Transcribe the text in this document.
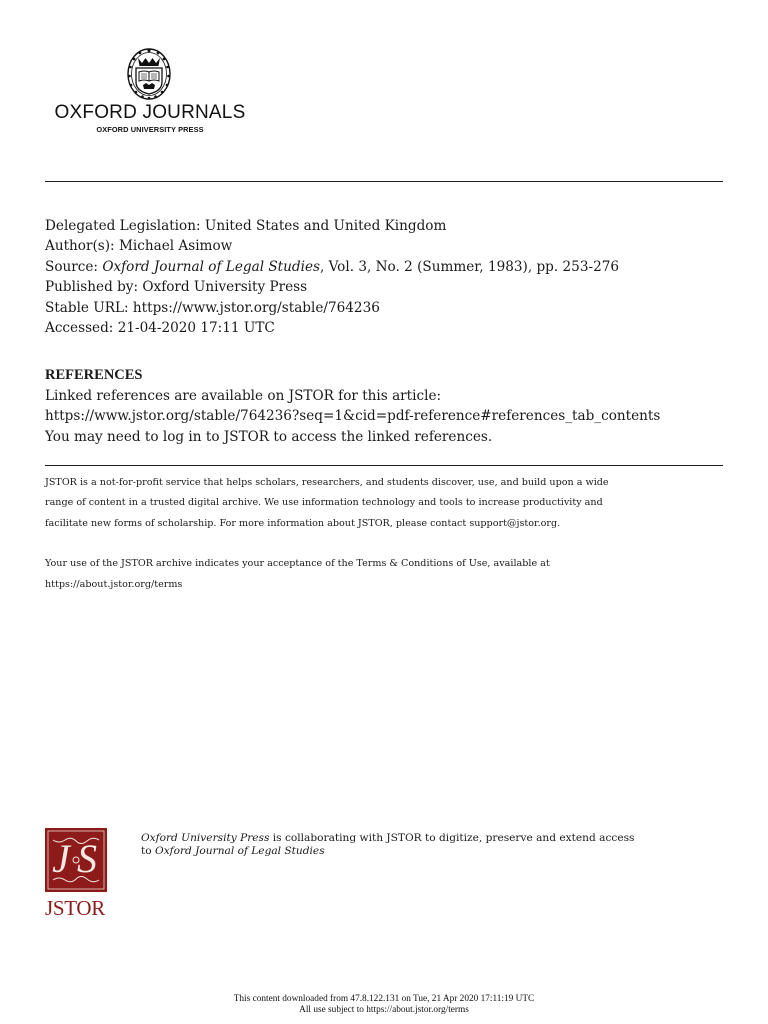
OXFORD JOURNALS
OXFORD UNIVERSITY PRESS
Delegated Legislation: United States and United Kingdom
Author(s): Michael Asimow
Source: Oxford Journal of Legal Studies, Vol. 3, No. 2 (Summer, 1983), pp. 253-276
Published by: Oxford University Press
Stable URL: https://www.jstor.org/stable/764236
Accessed: 21-04-2020 17:11 UTC
REFERENCES
Linked references are available on JSTOR for this article:
https://www.jstor.org/stable/764236?seq=1&cid=pdf-reference#references_tab_contents
You may need to log in to JSTOR to access the linked references.

JSTOR is a not-for-profit service that helps scholars, researchers, and students discover, use, and build upon a wide

range of content in a trusted digital archive. We use information technology and tools to increase productivity and

facilitate new forms of scholarship. For more information about JSTOR, please contact support@jstor.org.

Your use of the JSTOR archive indicates your acceptance of the Terms & Conditions of Use, available at

https://about.jstor.org/terms

J S
JSTOR
Oxford University Press is collaborating with JSTOR to digitize, preserve and extend access
to Oxford Journal of Legal Studies
This content downloaded from 47.8.122.131 on Tue, 21 Apr 2020 17:11:19 UTC
All use subject to https://about.jstor.org/terms
